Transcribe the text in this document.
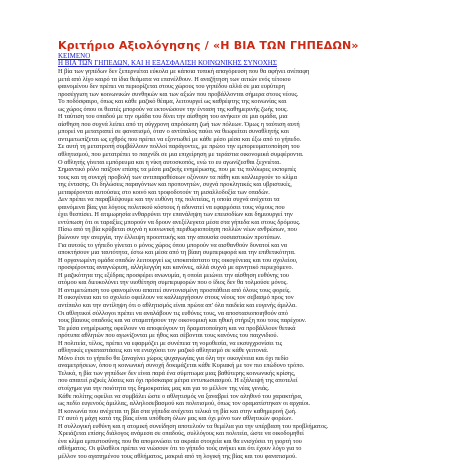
Κριτήριο Αξιολόγησης / «Η ΒΙΑ ΤΩΝ ΓΗΠΕΔΩΝ»
ΚΕΙΜΕΝΟ
Η ΒΙΑ ΤΩΝ ΓΗΠΕΔΩΝ, ΚΑΙ Η ΕΞΑΣΦΑΛΙΣΗ ΚΟΙΝΩΝΙΚΗΣ ΣΥΝΟΧΗΣ
Η βία των γηπέδων δεν ξεπερνιέται εύκολα με κάποια τυπική απαγόρευση που θα αφήνει ανέπαφη
μετά από λίγο καιρό τα ίδια θεάματα να επανέλθουν. Η αναζήτηση των αιτιών ενός τέτοιου
φαινομένου δεν πρέπει να περιορίζεται στους χώρους του γηπέδου αλλά σε μια ευρύτερη
προσέγγιση των κοινωνικών συνθηκών και των αξιών που προβάλλονται σήμερα στους νέους.
Το ποδόσφαιρο, όπως και κάθε μαζικό θέαμα, λειτουργεί ως καθρέφτης της κοινωνίας και
ως χώρος όπου οι θεατές μπορούν να εκτονώσουν την ένταση της καθημερινής ζωής τους.
Η ταύτιση του οπαδού με την ομάδα του δίνει την αίσθηση του ανήκειν σε μια ομάδα, μια
αίσθηση που συχνά λείπει από τη σύγχρονη απρόσωπη ζωή των πόλεων. Όμως η ταύτιση αυτή
μπορεί να μετατραπεί σε φανατισμό, όταν ο αντίπαλος παύει να θεωρείται συναθλητής και
αντιμετωπίζεται ως εχθρός που πρέπει να εξοντωθεί με κάθε μέσο μέσα και έξω από το γήπεδο.
Σε αυτή τη μετατροπή συμβάλλουν πολλοί παράγοντες, με πρώτο την εμπορευματοποίηση του
αθλητισμού, που μετατρέπει το παιχνίδι σε μια επιχείρηση με τεράστια οικονομικά συμφέροντα.
Ο αθλητής γίνεται εμπόρευμα και η νίκη αυτοσκοπός, ενώ το ευ αγωνίζεσθαι ξεχνιέται.
Σημαντικό ρόλο παίζουν επίσης τα μέσα μαζικής ενημέρωσης, που με τις πολύωρες εκπομπές
τους και τη συνεχή προβολή των αντιπαραθέσεων οξύνουν τα πάθη και καλλιεργούν το κλίμα
της έντασης. Οι δηλώσεις παραγόντων και προπονητών, συχνά προκλητικές και υβριστικές,
μεταφέρονται αυτούσιες στο κοινό και τροφοδοτούν τη μισαλλοδοξία των οπαδών.
Δεν πρέπει να παραβλέψουμε και την ευθύνη της πολιτείας, η οποία συχνά ανέχεται τα
φαινόμενα βίας για λόγους πολιτικού κόστους ή αδυνατεί να εφαρμόσει τους νόμους που
έχει θεσπίσει. Η ατιμωρησία ενθαρρύνει την επανάληψη των επεισοδίων και δημιουργεί την
εντύπωση ότι οι ταραξίες μπορούν να δρουν ανεξέλεγκτα μέσα στα γήπεδα και στους δρόμους.
Πίσω από τη βία κρύβεται συχνά η κοινωνική περιθωριοποίηση πολλών νέων ανθρώπων, που
βιώνουν την ανεργία, την έλλειψη προοπτικής και την απουσία ουσιαστικών προτύπων.
Για αυτούς το γήπεδο γίνεται ο μόνος χώρος όπου μπορούν να αισθανθούν δυνατοί και να
αποκτήσουν μια ταυτότητα, έστω και μέσα από τη βίαιη συμπεριφορά και την επιθετικότητα.
Η οργανωμένη ομάδα οπαδών λειτουργεί ως υποκατάστατο της οικογένειας και του σχολείου,
προσφέροντας αναγνώριση, αλληλεγγύη και κανόνες, αλλά συχνά με αρνητικό περιεχόμενο.
Η μαζικότητα της εξέδρας προσφέρει ανωνυμία, η οποία μειώνει την αίσθηση ευθύνης του
ατόμου και διευκολύνει την υιοθέτηση συμπεριφορών που ο ίδιος δεν θα τολμούσε μόνος.
Η αντιμετώπιση του φαινομένου απαιτεί συντονισμένη προσπάθεια από όλους τους φορείς.
Η οικογένεια και το σχολείο οφείλουν να καλλιεργήσουν στους νέους τον σεβασμό προς τον
αντίπαλο και την αντίληψη ότι ο αθλητισμός είναι πρώτα απ' όλα παιδεία και ευγενής άμιλλα.
Οι αθλητικοί σύλλογοι πρέπει να αναλάβουν τις ευθύνες τους, να αποστασιοποιηθούν από
τους βίαιους οπαδούς και να σταματήσουν την οικονομική και ηθική στήριξη που τους παρέχουν.
Τα μέσα ενημέρωσης οφείλουν να αποφεύγουν τη δραματοποίηση και να προβάλλουν θετικά
πρότυπα αθλητών που αγωνίζονται με ήθος και σέβονται τους κανόνες του παιχνιδιού.
Η πολιτεία, τέλος, πρέπει να εφαρμόζει με συνέπεια τη νομοθεσία, να εκσυγχρονίσει τις
αθλητικές εγκαταστάσεις και να ενισχύσει τον μαζικό αθλητισμό σε κάθε γειτονιά.
Μόνο έτσι το γήπεδο θα ξαναγίνει χώρος ψυχαγωγίας για όλη την οικογένεια και όχι πεδίο
αναμετρήσεων, όπου η κοινωνική συνοχή δοκιμάζεται κάθε Κυριακή με τον πιο επώδυνο τρόπο.
Τελικά, η βία των γηπέδων δεν είναι παρά ένα σύμπτωμα μιας βαθύτερης κοινωνικής κρίσης,
που απαιτεί ριζικές λύσεις και όχι πρόσκαιρα μέτρα εντυπωσιασμού. Η εξάλειψή της αποτελεί
στοίχημα για την ποιότητα της δημοκρατίας μας και για το μέλλον της νέας γενιάς.
Κάθε πολίτης οφείλει να συμβάλει ώστε ο αθλητισμός να ξαναβρεί τον αληθινό του χαρακτήρα,
ως πεδίο ευγενούς άμιλλας, αλληλοσεβασμού και πολιτισμού, όπως τον οραματίστηκαν οι αρχαίοι.
Η κοινωνία που ανέχεται τη βία στα γήπεδα ανέχεται τελικά τη βία και στην καθημερινή ζωή.
Γι' αυτό η μάχη κατά της βίας είναι υπόθεση όλων μας και όχι μόνο των αθλητικών φορέων.
Η συλλογική ευθύνη και η ατομική συνείδηση αποτελούν τα θεμέλια για την υπέρβαση του προβλήματος.
Χρειάζεται επίσης διάλογος ανάμεσα σε οπαδούς, συλλόγους και πολιτεία, ώστε να οικοδομηθεί
ένα κλίμα εμπιστοσύνης που θα απομονώσει τα ακραία στοιχεία και θα ενισχύσει τη γιορτή του
αθλήματος. Οι φίλαθλοι πρέπει να νιώσουν ότι το γήπεδο τούς ανήκει και ότι έχουν λόγο για το
μέλλον του αγαπημένου τους αθλήματος, μακριά από τη λογική της βίας και του φανατισμού.
